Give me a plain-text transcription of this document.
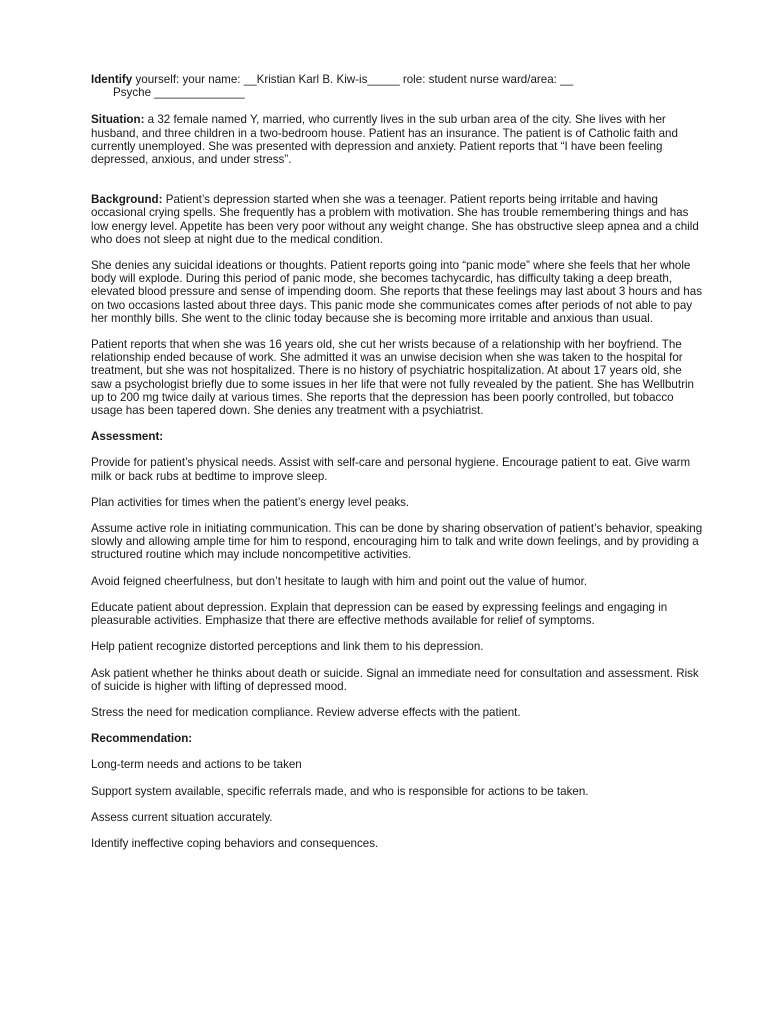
Identify yourself: your name: __Kristian Karl B. Kiw-is_____ role: student nurse ward/area: __
Psyche ______________

Situation: a 32 female named Y, married, who currently lives in the sub urban area of the city. She lives with her husband, and three children in a two-bedroom house. Patient has an insurance. The patient is of Catholic faith and currently unemployed. She was presented with depression and anxiety. Patient reports that “I have been feeling depressed, anxious, and under stress”.

Background: Patient’s depression started when she was a teenager. Patient reports being irritable and having occasional crying spells. She frequently has a problem with motivation. She has trouble remembering things and has low energy level. Appetite has been very poor without any weight change. She has obstructive sleep apnea and a child who does not sleep at night due to the medical condition.

She denies any suicidal ideations or thoughts. Patient reports going into “panic mode” where she feels that her whole body will explode. During this period of panic mode, she becomes tachycardic, has difficulty taking a deep breath, elevated blood pressure and sense of impending doom. She reports that these feelings may last about 3 hours and has on two occasions lasted about three days. This panic mode she communicates comes after periods of not able to pay her monthly bills. She went to the clinic today because she is becoming more irritable and anxious than usual.

Patient reports that when she was 16 years old, she cut her wrists because of a relationship with her boyfriend. The relationship ended because of work. She admitted it was an unwise decision when she was taken to the hospital for treatment, but she was not hospitalized. There is no history of psychiatric hospitalization. At about 17 years old, she saw a psychologist briefly due to some issues in her life that were not fully revealed by the patient. She has Wellbutrin up to 200 mg twice daily at various times. She reports that the depression has been poorly controlled, but tobacco usage has been tapered down. She denies any treatment with a psychiatrist.

Assessment:

Provide for patient’s physical needs. Assist with self-care and personal hygiene. Encourage patient to eat. Give warm milk or back rubs at bedtime to improve sleep.

Plan activities for times when the patient’s energy level peaks.

Assume active role in initiating communication. This can be done by sharing observation of patient’s behavior, speaking slowly and allowing ample time for him to respond, encouraging him to talk and write down feelings, and by providing a structured routine which may include noncompetitive activities.

Avoid feigned cheerfulness, but don’t hesitate to laugh with him and point out the value of humor.

Educate patient about depression. Explain that depression can be eased by expressing feelings and engaging in pleasurable activities. Emphasize that there are effective methods available for relief of symptoms.

Help patient recognize distorted perceptions and link them to his depression.

Ask patient whether he thinks about death or suicide. Signal an immediate need for consultation and assessment. Risk of suicide is higher with lifting of depressed mood.

Stress the need for medication compliance. Review adverse effects with the patient.

Recommendation:

Long-term needs and actions to be taken

Support system available, specific referrals made, and who is responsible for actions to be taken.

Assess current situation accurately.

Identify ineffective coping behaviors and consequences.
